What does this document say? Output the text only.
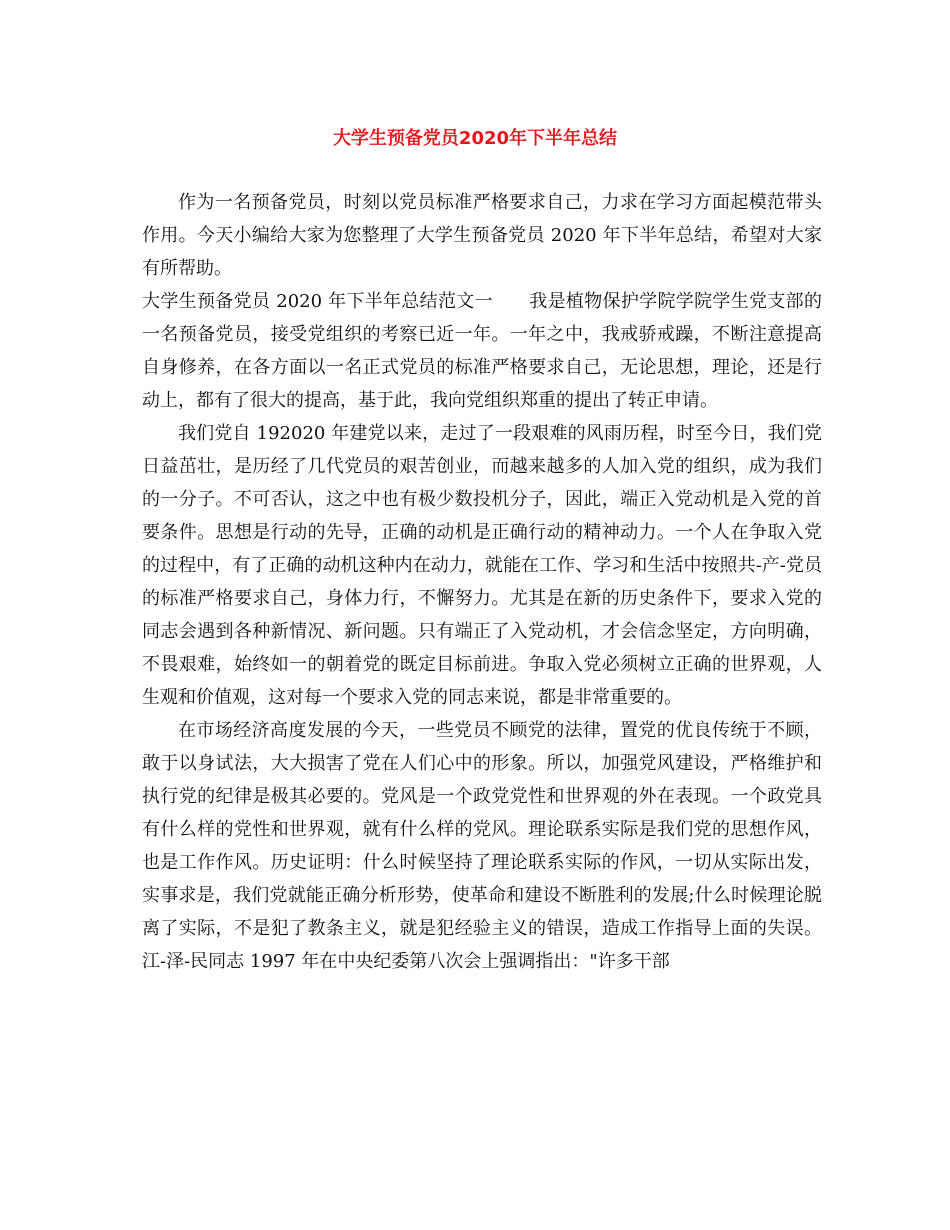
大学生预备党员2020年下半年总结

作为一名预备党员，时刻以党员标准严格要求自己，力求在学习方面起模范带头作用。今天小编给大家为您整理了大学生预备党员 2020 年下半年总结，希望对大家有所帮助。

大学生预备党员 2020 年下半年总结范文一 我是植物保护学院学院学生党支部的一名预备党员，接受党组织的考察已近一年。一年之中，我戒骄戒躁，不断注意提高自身修养，在各方面以一名正式党员的标准严格要求自己，无论思想，理论，还是行动上，都有了很大的提高，基于此，我向党组织郑重的提出了转正申请。

我们党自 192020 年建党以来，走过了一段艰难的风雨历程，时至今日，我们党日益茁壮，是历经了几代党员的艰苦创业，而越来越多的人加入党的组织，成为我们的一分子。不可否认，这之中也有极少数投机分子，因此，端正入党动机是入党的首要条件。思想是行动的先导，正确的动机是正确行动的精神动力。一个人在争取入党的过程中，有了正确的动机这种内在动力，就能在工作、学习和生活中按照共-产-党员的标准严格要求自己，身体力行，不懈努力。尤其是在新的历史条件下，要求入党的同志会遇到各种新情况、新问题。只有端正了入党动机，才会信念坚定，方向明确，不畏艰难，始终如一的朝着党的既定目标前进。争取入党必须树立正确的世界观，人生观和价值观，这对每一个要求入党的同志来说，都是非常重要的。

在市场经济高度发展的今天，一些党员不顾党的法律，置党的优良传统于不顾，敢于以身试法，大大损害了党在人们心中的形象。所以，加强党风建设，严格维护和执行党的纪律是极其必要的。党风是一个政党党性和世界观的外在表现。一个政党具有什么样的党性和世界观，就有什么样的党风。理论联系实际是我们党的思想作风，也是工作作风。历史证明：什么时候坚持了理论联系实际的作风，一切从实际出发，实事求是，我们党就能正确分析形势，使革命和建设不断胜利的发展;什么时候理论脱离了实际，不是犯了教条主义，就是犯经验主义的错误，造成工作指导上面的失误。江-泽-民同志 1997 年在中央纪委第八次会上强调指出："许多干部
